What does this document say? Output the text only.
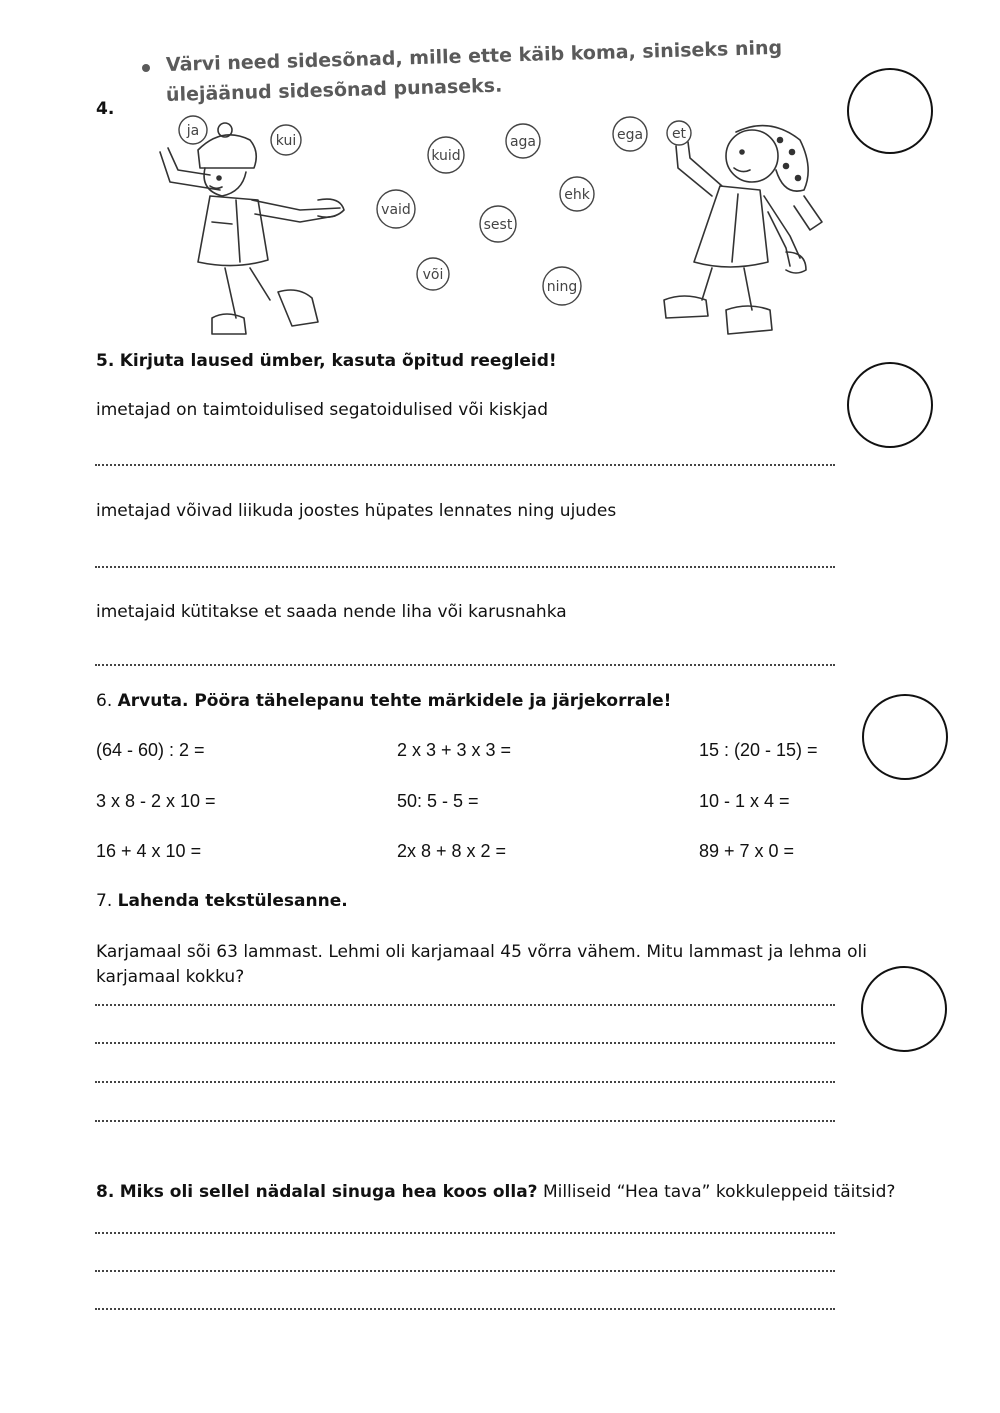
4.
Värvi need sidesõnad, mille ette käib koma, siniseks ning
ülejäänud sidesõnad punaseks.
ja
kui
kuid
aga	ega et
vaid
sest
ehk
või
ning
5. Kirjuta laused ümber, kasuta õpitud reegleid!
imetajad on taimtoidulised segatoidulised või kiskjad
imetajad võivad liikuda joostes hüpates lennates ning ujudes
imetajaid kütitakse et saada nende liha või karusnahka
6. Arvuta. Pööra tähelepanu tehte märkidele ja järjekorrale!
(64 - 60) : 2 =	2 x 3 + 3 x 3 =	15 : (20 - 15) =
3 x 8 - 2 x 10 =	50: 5 - 5 =	10 - 1 x 4 =
16 + 4 x 10 =	2x 8 + 8 x 2 =	89 + 7 x 0 =
7. Lahenda tekstülesanne.
Karjamaal sõi 63 lammast. Lehmi oli karjamaal 45 võrra vähem. Mitu lammast ja lehma oli
karjamaal kokku?
8. Miks oli sellel nädalal sinuga hea koos olla? Milliseid “Hea tava” kokkuleppeid täitsid?
